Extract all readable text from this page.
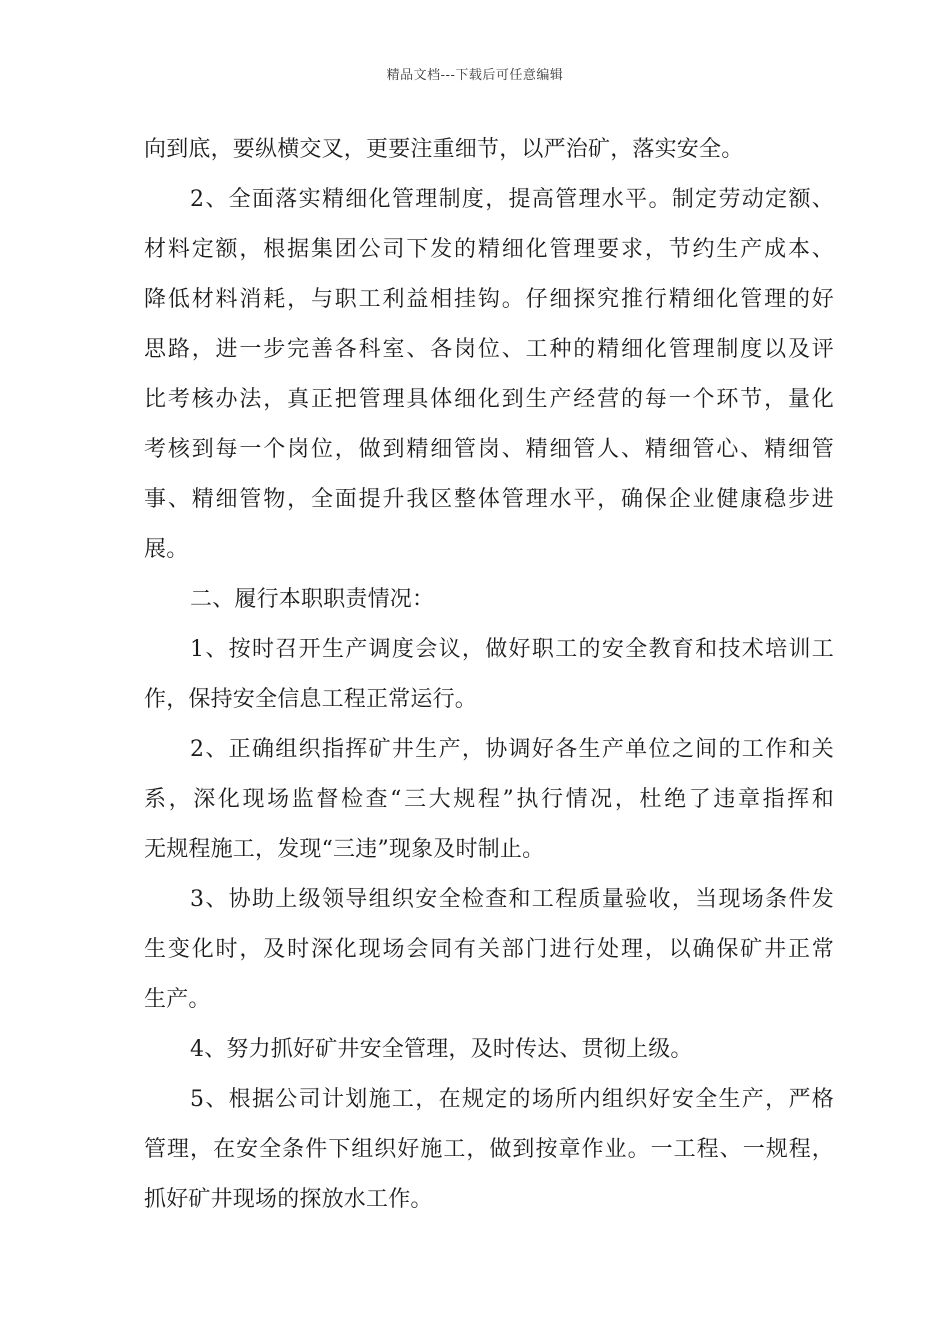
精品文档---下载后可任意编辑
向到底，要纵横交叉，更要注重细节，以严治矿，落实安全。
2、全面落实精细化管理制度，提高管理水平。制定劳动定额、
材料定额，根据集团公司下发的精细化管理要求，节约生产成本、
降低材料消耗，与职工利益相挂钩。仔细探究推行精细化管理的好
思路，进一步完善各科室、各岗位、工种的精细化管理制度以及评
比考核办法，真正把管理具体细化到生产经营的每一个环节，量化
考核到每一个岗位，做到精细管岗、精细管人、精细管心、精细管
事、精细管物，全面提升我区整体管理水平，确保企业健康稳步进
展。
二、履行本职职责情况：
1、按时召开生产调度会议，做好职工的安全教育和技术培训工
作，保持安全信息工程正常运行。
2、正确组织指挥矿井生产，协调好各生产单位之间的工作和关
系，深化现场监督检查“三大规程”执行情况，杜绝了违章指挥和
无规程施工，发现“三违”现象及时制止。
3、协助上级领导组织安全检查和工程质量验收，当现场条件发
生变化时，及时深化现场会同有关部门进行处理，以确保矿井正常
生产。
4、努力抓好矿井安全管理，及时传达、贯彻上级。
5、根据公司计划施工，在规定的场所内组织好安全生产，严格
管理，在安全条件下组织好施工，做到按章作业。一工程、一规程，
抓好矿井现场的探放水工作。
